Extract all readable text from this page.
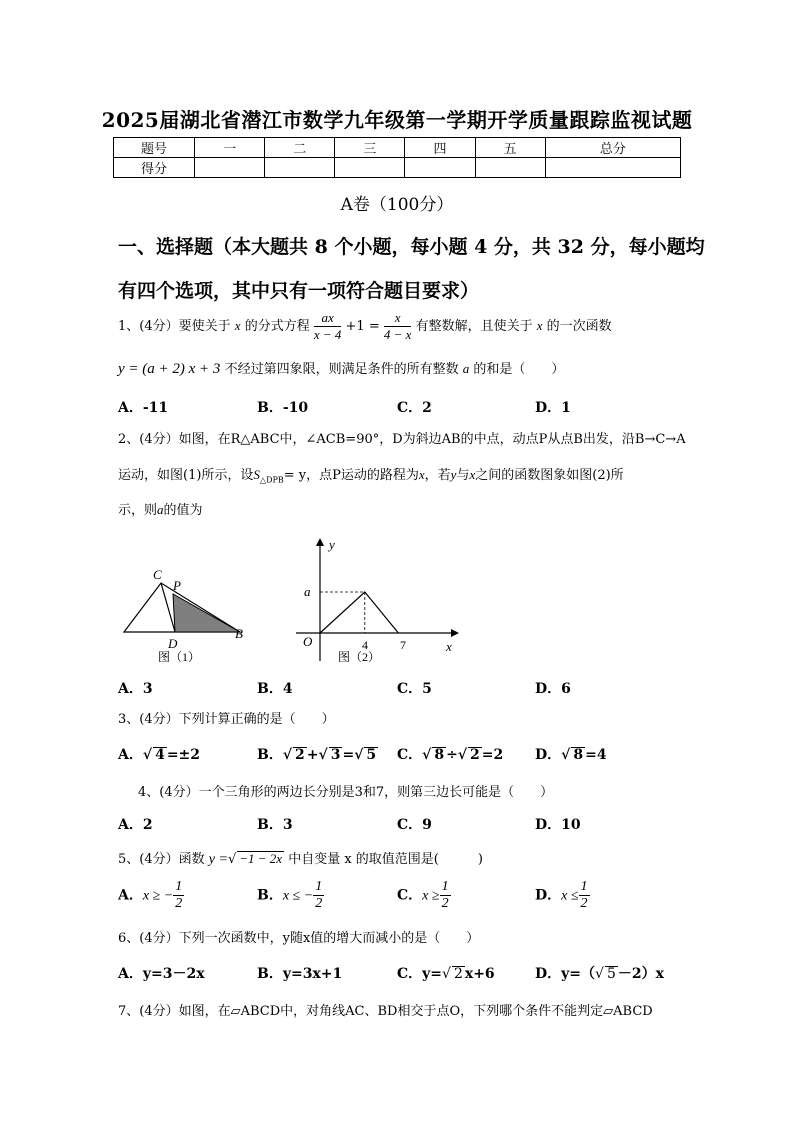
2025届湖北省潜江市数学九年级第一学期开学质量跟踪监视试题
题号	一	二	三	四	五	总分
得分						
A卷（100分）
一、选择题（本大题共 8 个小题，每小题 4 分，共 32 分，每小题均
有四个选项，其中只有一项符合题目要求）
1、(4分）要使关于 x 的分式方程 $\frac{ax}{x - 4} +1 = \frac{x}{4 - x}$ 有整数解，且使关于 x 的一次函数
y = (a + 2) x + 3 不经过第四象限，则满足条件的所有整数 a 的和是（　　）
A．-11	B．-10	C．2	D．1
2、(4分）如图，在R△ABC中，∠ACB=90°，D为斜边AB的中点，动点P从点B出发，沿B→C→A
运动，如图(1)所示，设$S_{\triangle DPB}= y$，点P运动的路程为x，若y与x之间的函数图象如图(2)所
示，则a的值为
C
P
D
B
图（1）
y
x
O
a
4	7
图（2）
A．3	B．4	C．5	D．6
3、(4分）下列计算正确的是（　　）
A． √ 4 =±2	B． √ 2 + √ 3 = √ 5 C． √ 8 ÷ √ 2 =2 D． √ 8 =4
4、(4分）一个三角形的两边长分别是3和7，则第三边长可能是（　　）
A．2	B．3	C．9	D．10
5、(4分）函数 y = √ −1 − 2x 中自变量 x 的取值范围是(　　　)
A．x ≥ − $\frac{1}{2}$	B．x ≤ − $\frac{1}{2}$	C．$x \ge \frac{1}{2}$	D．$x \le \frac{1}{2}$
6、(4分）下列一次函数中，y随x值的增大而减小的是（　　）
A．y=3－2x	B．y=3x+1	C．y= √ 2 x+6	D．y=（ √ 5 －2）x
7、(4分）如图，在▱ABCD中，对角线AC、BD相交于点O，下列哪个条件不能判定▱ABCD
